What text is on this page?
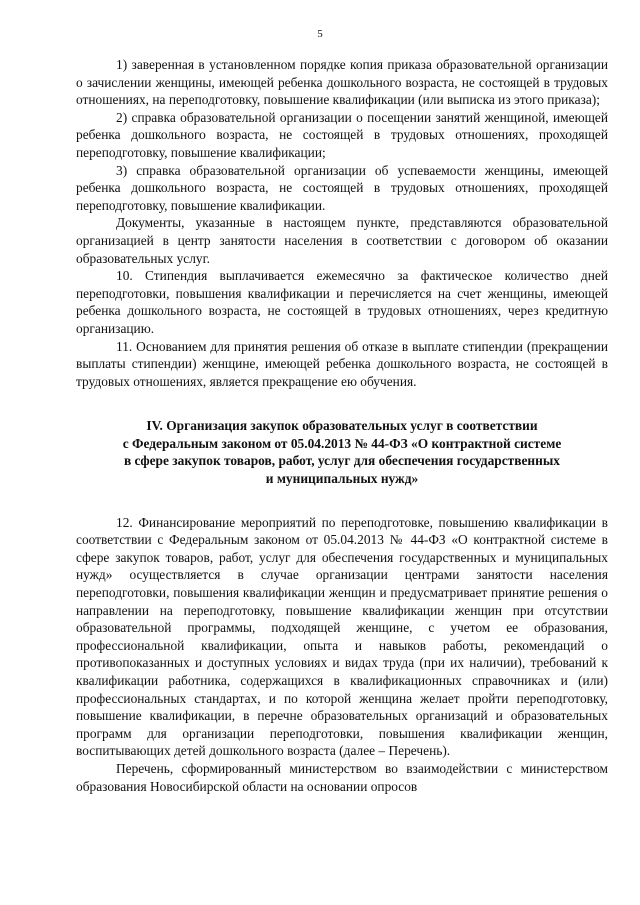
5

1) заверенная в установленном порядке копия приказа образовательной организации о зачислении женщины, имеющей ребенка дошкольного возраста, не состоящей в трудовых отношениях, на переподготовку, повышение квалификации (или выписка из этого приказа);

2) справка образовательной организации о посещении занятий женщиной, имеющей ребенка дошкольного возраста, не состоящей в трудовых отношениях, проходящей переподготовку, повышение квалификации;

3) справка образовательной организации об успеваемости женщины, имеющей ребенка дошкольного возраста, не состоящей в трудовых отношениях, проходящей переподготовку, повышение квалификации.

Документы, указанные в настоящем пункте, представляются образовательной организацией в центр занятости населения в соответствии с договором об оказании образовательных услуг.

10. Стипендия выплачивается ежемесячно за фактическое количество дней переподготовки, повышения квалификации и перечисляется на счет женщины, имеющей ребенка дошкольного возраста, не состоящей в трудовых отношениях, через кредитную организацию.

11. Основанием для принятия решения об отказе в выплате стипендии (прекращении выплаты стипендии) женщине, имеющей ребенка дошкольного возраста, не состоящей в трудовых отношениях, является прекращение ею обучения.

IV. Организация закупок образовательных услуг в соответствии
с Федеральным законом от 05.04.2013 № 44-ФЗ «О контрактной системе
в сфере закупок товаров, работ, услуг для обеспечения государственных
и муниципальных нужд»

12. Финансирование мероприятий по переподготовке, повышению квалификации в соответствии с Федеральным законом от 05.04.2013 № 44-ФЗ «О контрактной системе в сфере закупок товаров, работ, услуг для обеспечения государственных и муниципальных нужд» осуществляется в случае организации центрами занятости населения переподготовки, повышения квалификации женщин и предусматривает принятие решения о направлении на переподготовку, повышение квалификации женщин при отсутствии образовательной программы, подходящей женщине, с учетом ее образования, профессиональной квалификации, опыта и навыков работы, рекомендаций о противопоказанных и доступных условиях и видах труда (при их наличии), требований к квалификации работника, содержащихся в квалификационных справочниках и (или) профессиональных стандартах, и по которой женщина желает пройти переподготовку, повышение квалификации, в перечне образовательных организаций и образовательных программ для организации переподготовки, повышения квалификации женщин, воспитывающих детей дошкольного возраста (далее – Перечень).

Перечень, сформированный министерством во взаимодействии с министерством образования Новосибирской области на основании опросов
